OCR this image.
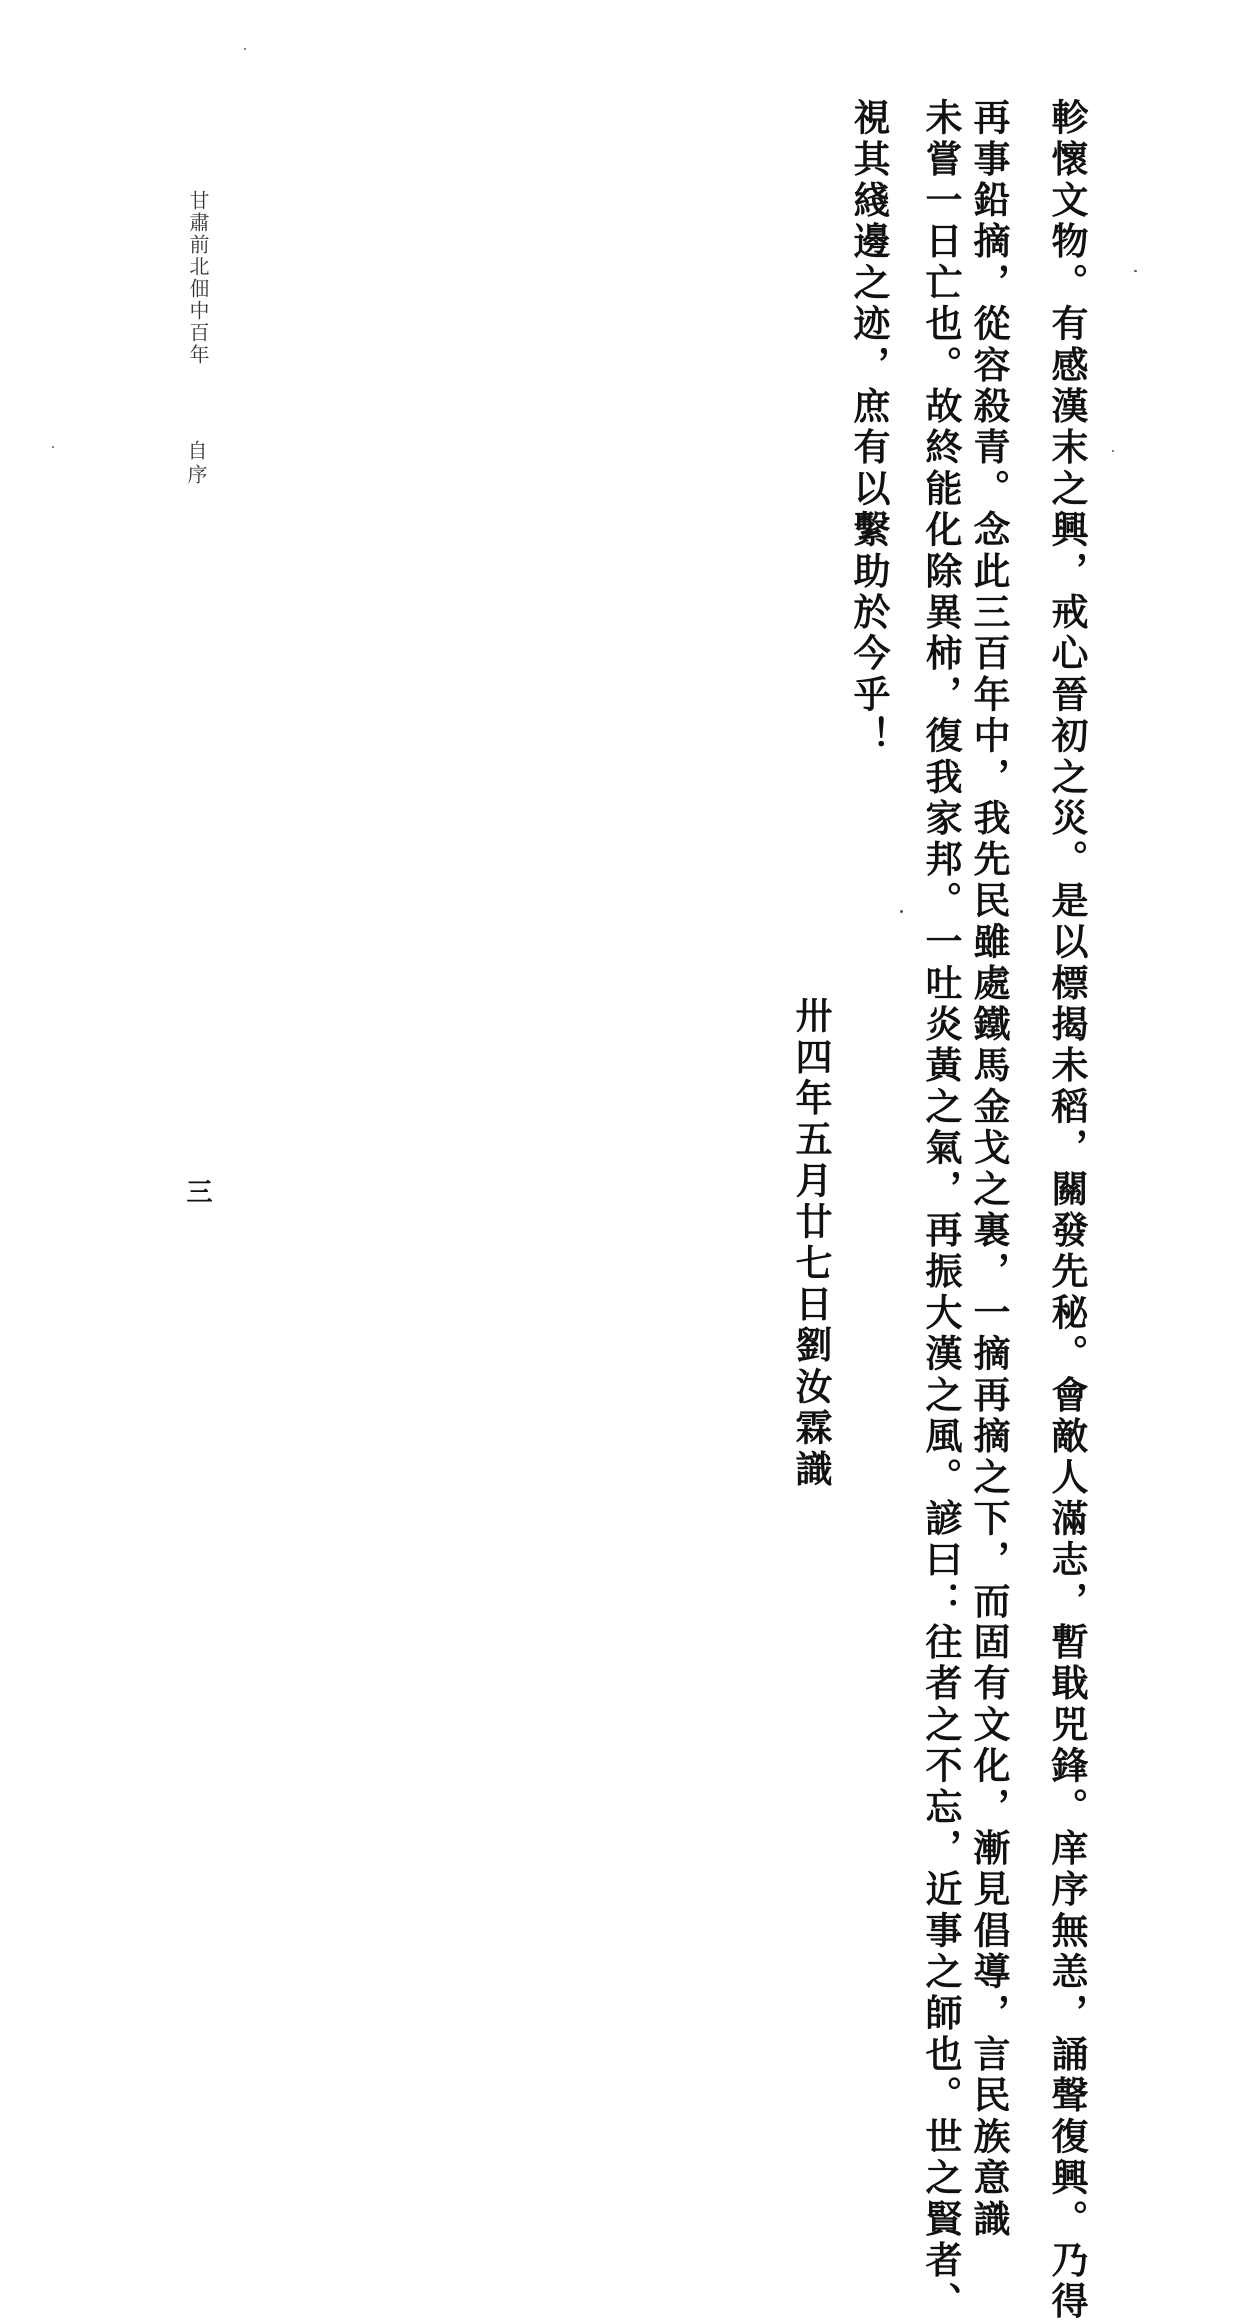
軫懷文物。有感漢末之興，戒心晉初之災。是以標揭未稻，關發先秘。會敵人滿志，暫戢兕鋒。庠序無恙，誦聲復興。乃得
再事鉛摘，從容殺青。念此三百年中，我先民雖處鐵馬金戈之裏，一摘再摘之下，而固有文化，漸見倡導，言民族意識
未嘗一日亡也。故終能化除異柿，復我家邦。一吐炎黃之氣，再振大漢之風。諺曰：往者之不忘，近事之師也。世之賢者、
視其綫邊之迹，庶有以繫助於今乎！
卅四年五月廿七日劉汝霖識
甘肅前北佃中百年
自序
三
